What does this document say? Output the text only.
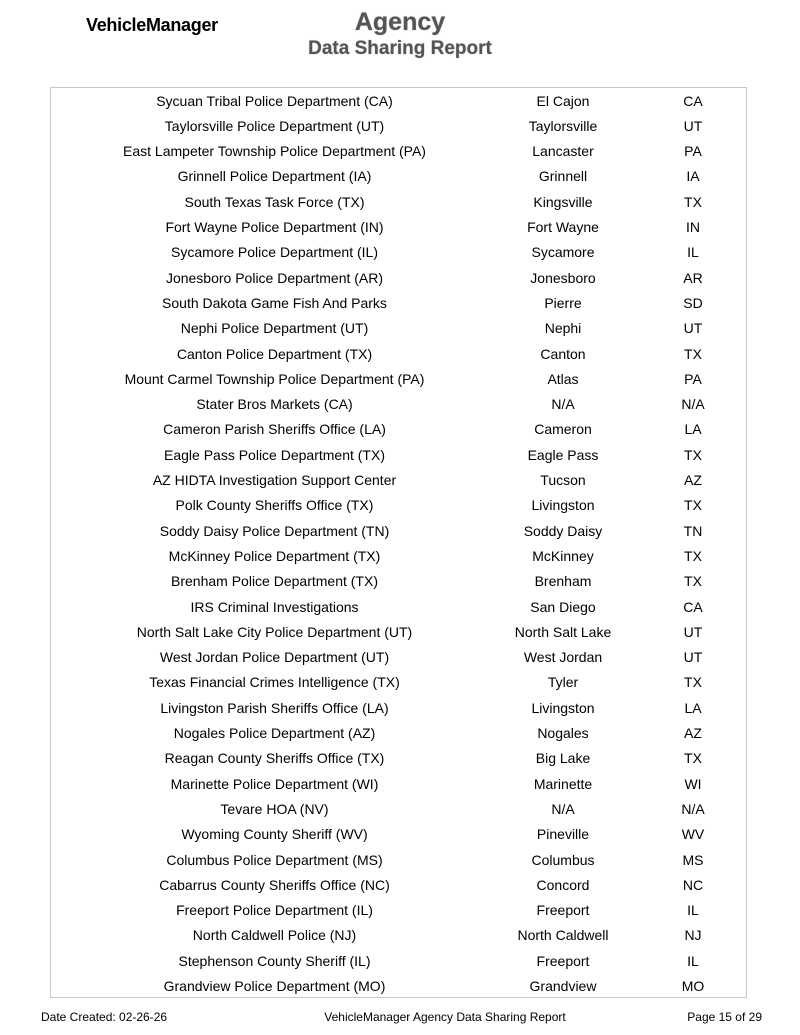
VehicleManager	Agency
Data Sharing Report
Sycuan Tribal Police Department (CA)	El Cajon	CA
Taylorsville Police Department (UT)	Taylorsville	UT
East Lampeter Township Police Department (PA)	Lancaster	PA
Grinnell Police Department (IA)	Grinnell	IA
South Texas Task Force (TX)	Kingsville	TX
Fort Wayne Police Department (IN)	Fort Wayne	IN
Sycamore Police Department (IL)	Sycamore	IL
Jonesboro Police Department (AR)	Jonesboro	AR
South Dakota Game Fish And Parks	Pierre	SD
Nephi Police Department (UT)	Nephi	UT
Canton Police Department (TX)	Canton	TX
Mount Carmel Township Police Department (PA)	Atlas	PA
Stater Bros Markets (CA)	N/A	N/A
Cameron Parish Sheriffs Office (LA)	Cameron	LA
Eagle Pass Police Department (TX)	Eagle Pass	TX
AZ HIDTA Investigation Support Center	Tucson	AZ
Polk County Sheriffs Office (TX)	Livingston	TX
Soddy Daisy Police Department (TN)	Soddy Daisy	TN
McKinney Police Department (TX)	McKinney	TX
Brenham Police Department (TX)	Brenham	TX
IRS Criminal Investigations	San Diego	CA
North Salt Lake City Police Department (UT)	North Salt Lake	UT
West Jordan Police Department (UT)	West Jordan	UT
Texas Financial Crimes Intelligence (TX)	Tyler	TX
Livingston Parish Sheriffs Office (LA)	Livingston	LA
Nogales Police Department (AZ)	Nogales	AZ
Reagan County Sheriffs Office (TX)	Big Lake	TX
Marinette Police Department (WI)	Marinette	WI
Tevare HOA (NV)	N/A	N/A
Wyoming County Sheriff (WV)	Pineville	WV
Columbus Police Department (MS)	Columbus	MS
Cabarrus County Sheriffs Office (NC)	Concord	NC
Freeport Police Department (IL)	Freeport	IL
North Caldwell Police (NJ)	North Caldwell	NJ
Stephenson County Sheriff (IL)	Freeport	IL
Grandview Police Department (MO)	Grandview	MO
Date Created: 02-26-26	VehicleManager Agency Data Sharing Report	Page 15 of 29
